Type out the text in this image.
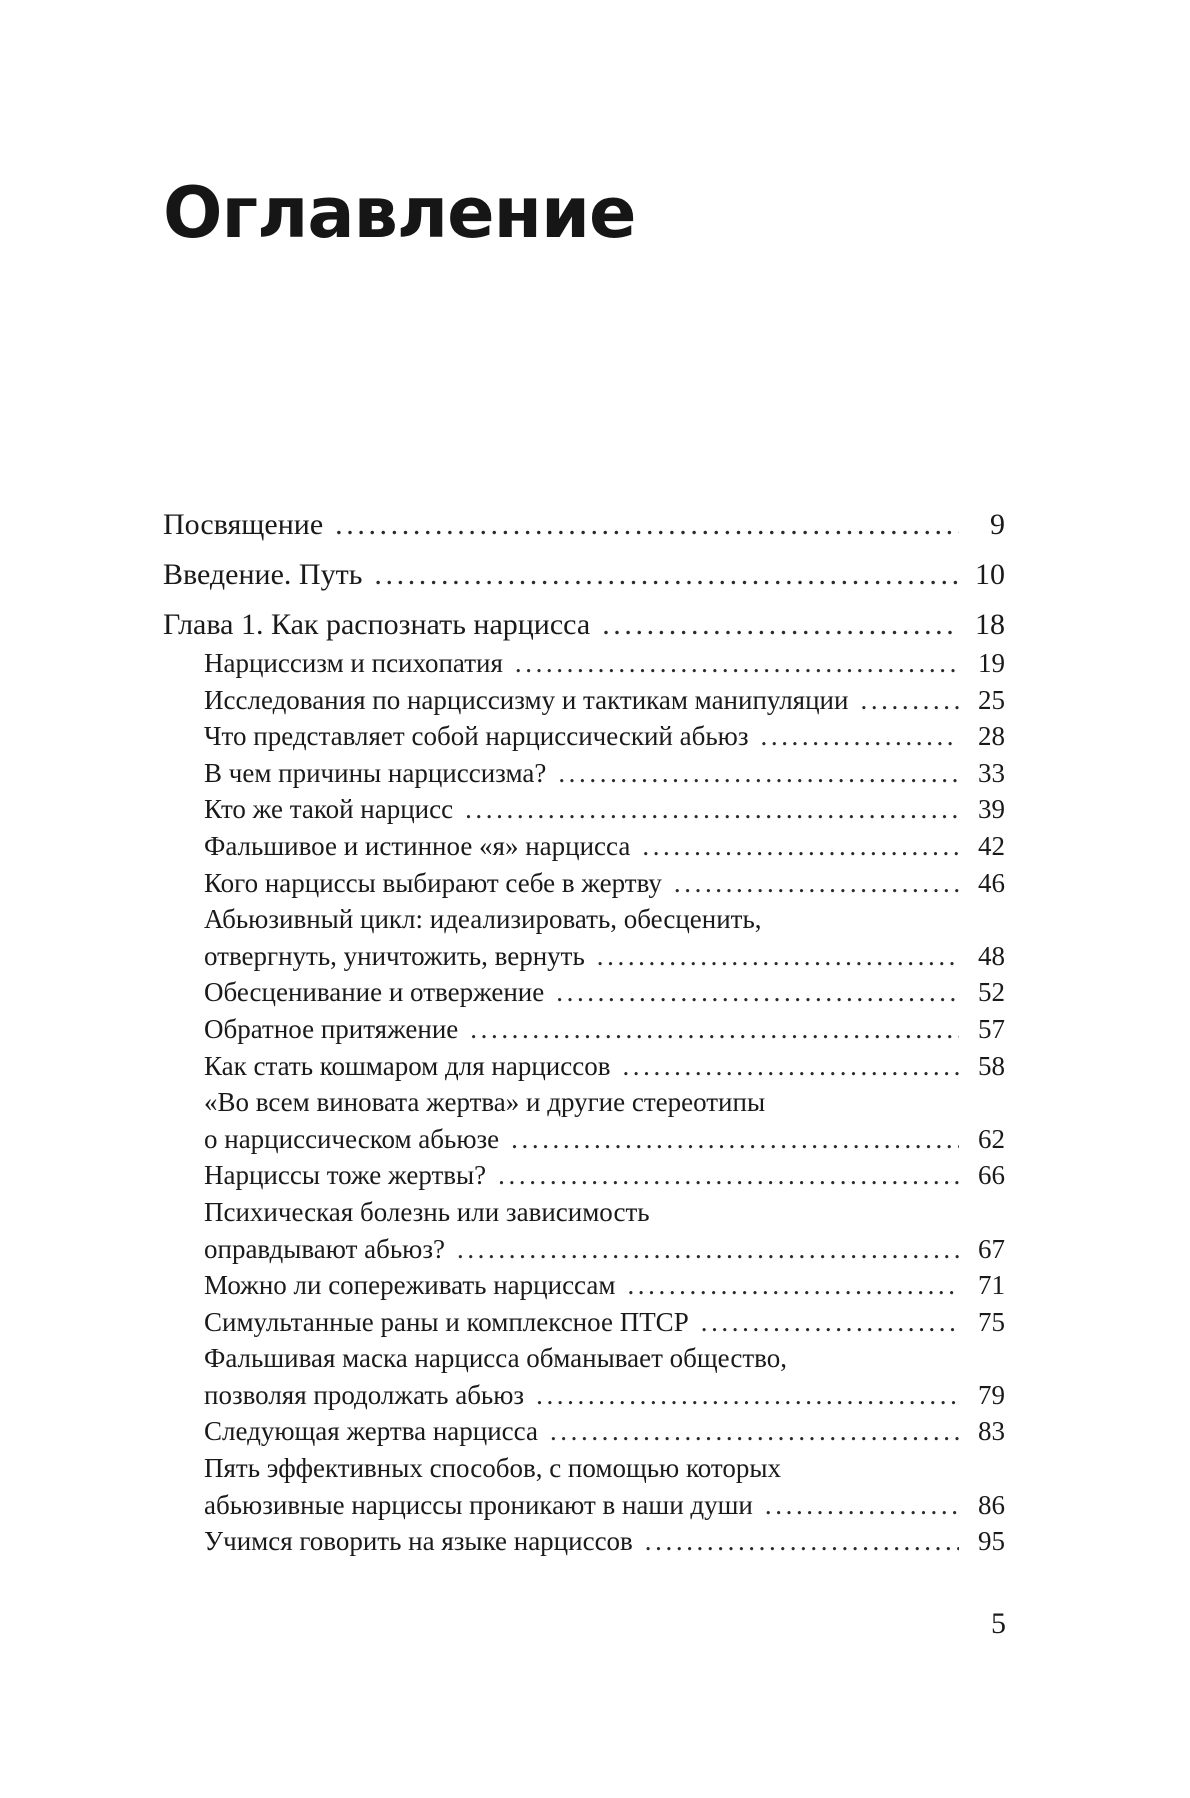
Оглавление
Посвящение .....	9
Введение. Путь .....	10
Глава 1. Как распознать нарцисса .....	18
Нарциссизм и психопатия .....	19
Исследования по нарциссизму и тактикам манипуляции .....	25
Что представляет собой нарциссический абьюз .....	28
В чем причины нарциссизма? .....	33
Кто же такой нарцисс .....	39
Фальшивое и истинное «я» нарцисса .....	42
Кого нарциссы выбирают себе в жертву .....	46
Абьюзивный цикл: идеализировать, обесценить,
отвергнуть, уничтожить, вернуть .....	48
Обесценивание и отвержение .....	52
Обратное притяжение .....	57
Как стать кошмаром для нарциссов .....	58
«Во всем виновата жертва» и другие стереотипы
о нарциссическом абьюзе .....	62
Нарциссы тоже жертвы? .....	66
Психическая болезнь или зависимость
оправдывают абьюз? .....	67
Можно ли сопереживать нарциссам .....	71
Симультанные раны и комплексное ПТСР .....	75
Фальшивая маска нарцисса обманывает общество,
позволяя продолжать абьюз .....	79
Следующая жертва нарцисса .....	83
Пять эффективных способов, с помощью которых
абьюзивные нарциссы проникают в наши души .....	86
Учимся говорить на языке нарциссов .....	95
5
